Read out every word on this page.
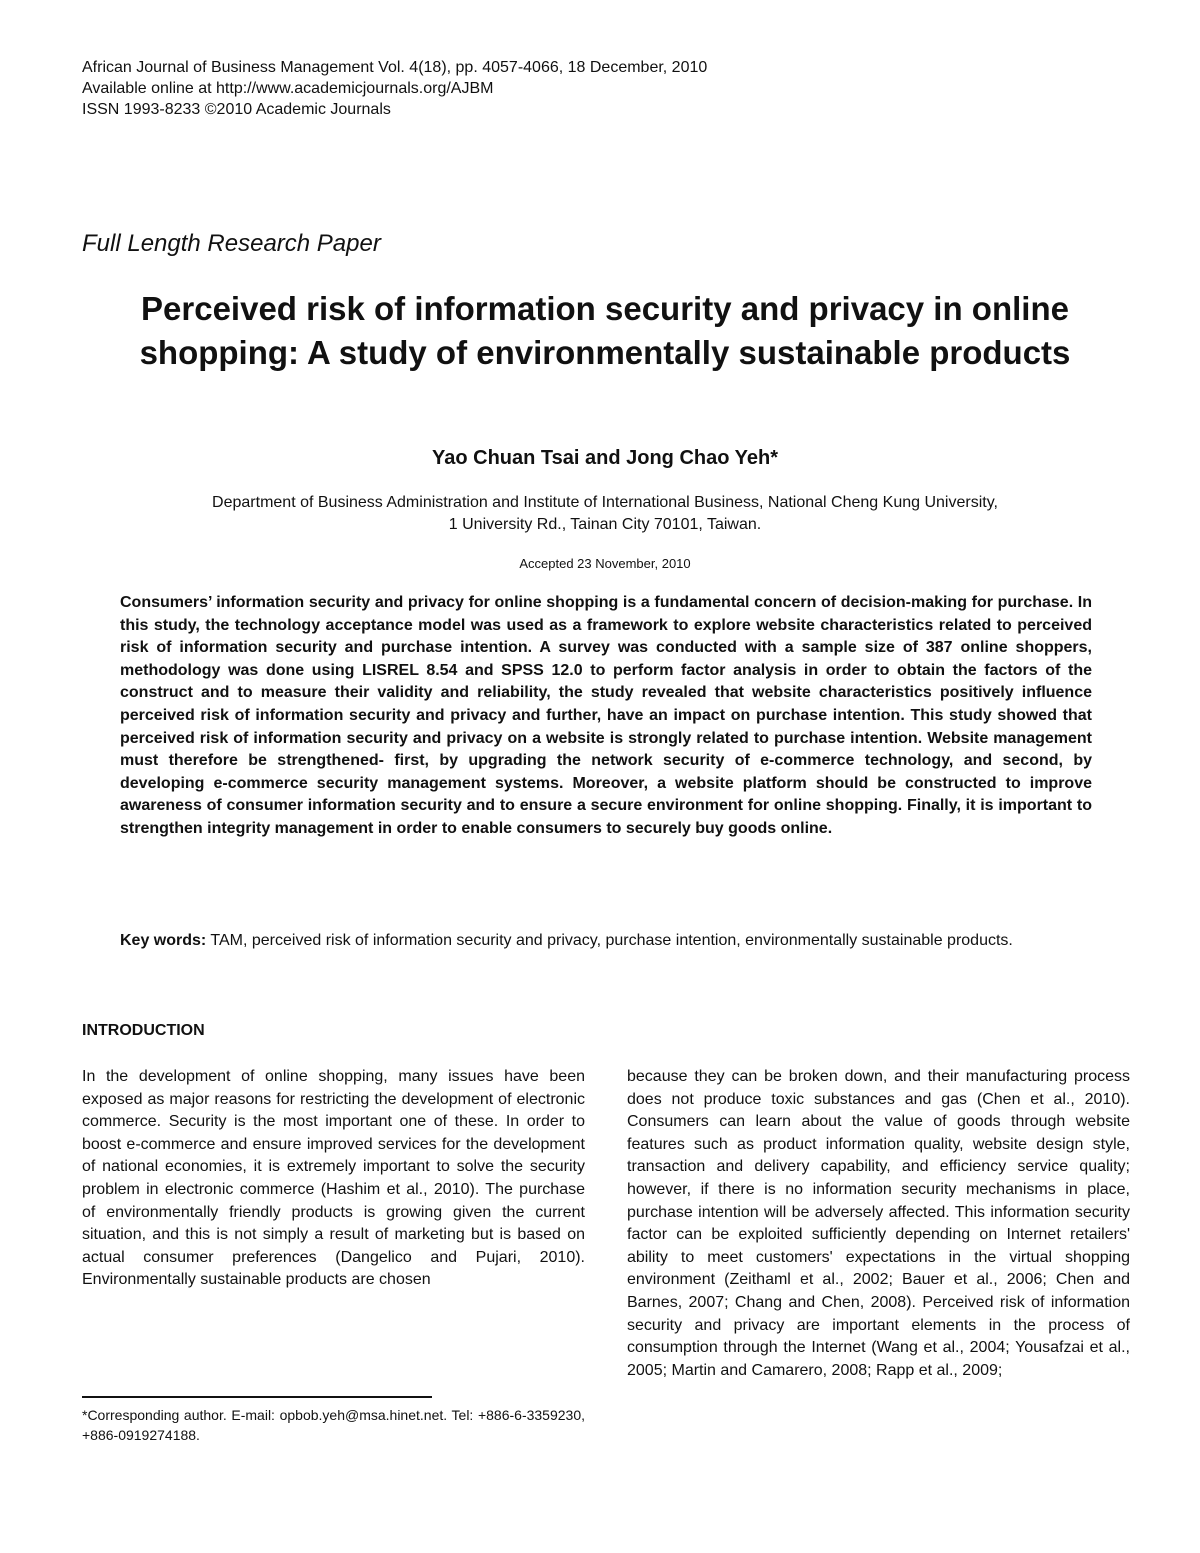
African Journal of Business Management Vol. 4(18), pp. 4057-4066, 18 December, 2010
Available online at http://www.academicjournals.org/AJBM
ISSN 1993-8233 ©2010 Academic Journals
Full Length Research Paper
Perceived risk of information security and privacy in online shopping: A study of environmentally sustainable products
Yao Chuan Tsai and Jong Chao Yeh*
Department of Business Administration and Institute of International Business, National Cheng Kung University,
1 University Rd., Tainan City 70101, Taiwan.
Accepted 23 November, 2010

Consumers’ information security and privacy for online shopping is a fundamental concern of decision-making for purchase. In this study, the technology acceptance model was used as a framework to explore website characteristics related to perceived risk of information security and purchase intention. A survey was conducted with a sample size of 387 online shoppers, methodology was done using LISREL 8.54 and SPSS 12.0 to perform factor analysis in order to obtain the factors of the construct and to measure their validity and reliability, the study revealed that website characteristics positively influence perceived risk of information security and privacy and further, have an impact on purchase intention. This study showed that perceived risk of information security and privacy on a website is strongly related to purchase intention. Website management must therefore be strengthened- first, by upgrading the network security of e-commerce technology, and second, by developing e-commerce security management systems. Moreover, a website platform should be constructed to improve awareness of consumer information security and to ensure a secure environment for online shopping. Finally, it is important to strengthen integrity management in order to enable consumers to securely buy goods online.

Key words: TAM, perceived risk of information security and privacy, purchase intention, environmentally sustainable products.

INTRODUCTION

In the development of online shopping, many issues have been exposed as major reasons for restricting the development of electronic commerce. Security is the most important one of these. In order to boost e-commerce and ensure improved services for the development of national economies, it is extremely important to solve the security problem in electronic commerce (Hashim et al., 2010). The purchase of environmentally friendly products is growing given the current situation, and this is not simply a result of marketing but is based on actual consumer preferences (Dangelico and Pujari, 2010). Environmentally sustainable products are chosen

because they can be broken down, and their manufacturing process does not produce toxic substances and gas (Chen et al., 2010). Consumers can learn about the value of goods through website features such as product information quality, website design style, transaction and delivery capability, and efficiency service quality; however, if there is no information security mechanisms in place, purchase intention will be adversely affected. This information security factor can be exploited sufficiently depending on Internet retailers' ability to meet customers' expectations in the virtual shopping environment (Zeithaml et al., 2002; Bauer et al., 2006; Chen and Barnes, 2007; Chang and Chen, 2008). Perceived risk of information security and privacy are important elements in the process of consumption through the Internet (Wang et al., 2004; Yousafzai et al., 2005; Martin and Camarero, 2008; Rapp et al., 2009;

*Corresponding author. E-mail: opbob.yeh@msa.hinet.net. Tel: +886-6-3359230, +886-0919274188.
